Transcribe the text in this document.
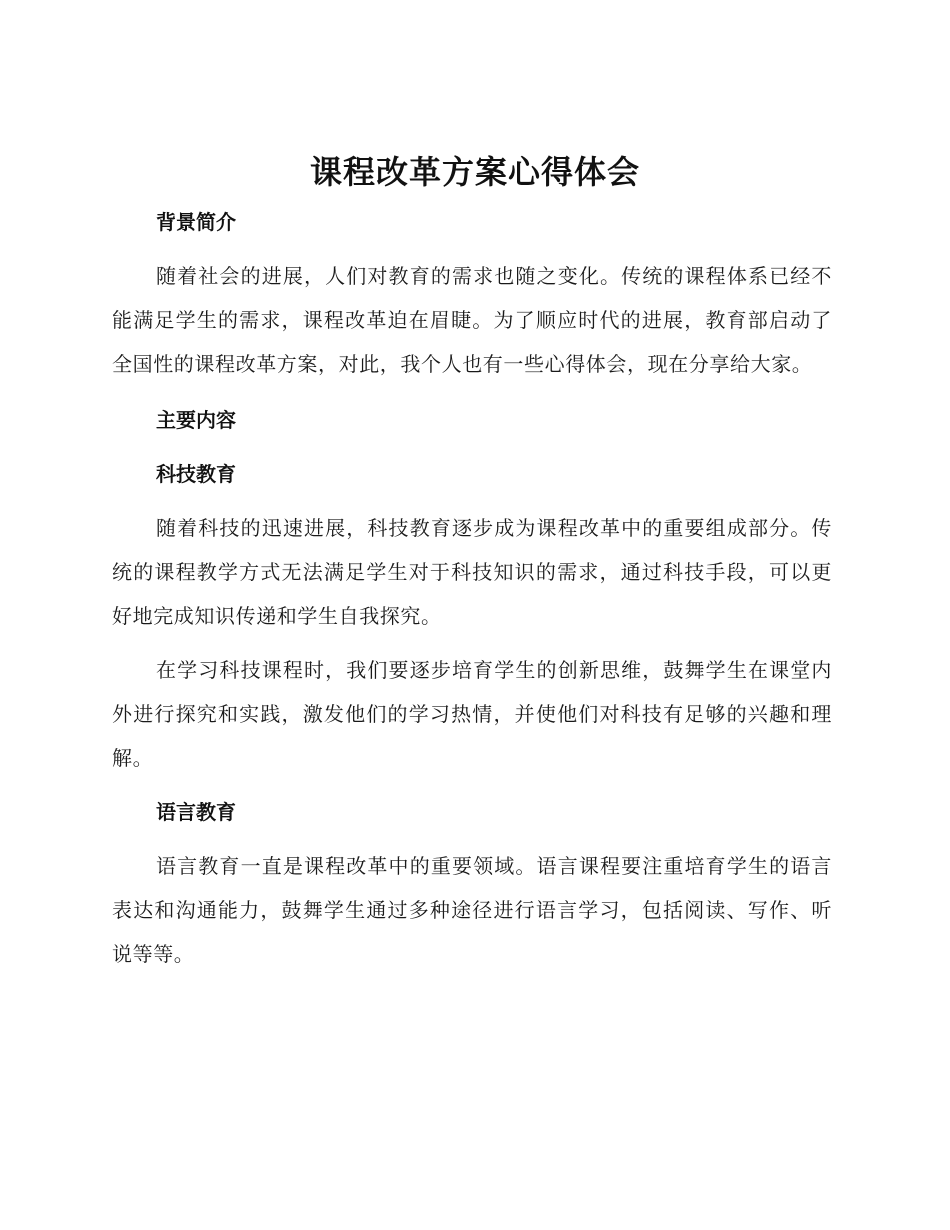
课程改革方案心得体会

背景简介

随着社会的进展，人们对教育的需求也随之变化。传统的课程体系已经不能满足学生的需求，课程改革迫在眉睫。为了顺应时代的进展，教育部启动了全国性的课程改革方案，对此，我个人也有一些心得体会，现在分享给大家。

主要内容

科技教育

随着科技的迅速进展，科技教育逐步成为课程改革中的重要组成部分。传统的课程教学方式无法满足学生对于科技知识的需求，通过科技手段，可以更好地完成知识传递和学生自我探究。

在学习科技课程时，我们要逐步培育学生的创新思维，鼓舞学生在课堂内外进行探究和实践，激发他们的学习热情，并使他们对科技有足够的兴趣和理解。

语言教育

语言教育一直是课程改革中的重要领域。语言课程要注重培育学生的语言表达和沟通能力，鼓舞学生通过多种途径进行语言学习，包括阅读、写作、听说等等。
